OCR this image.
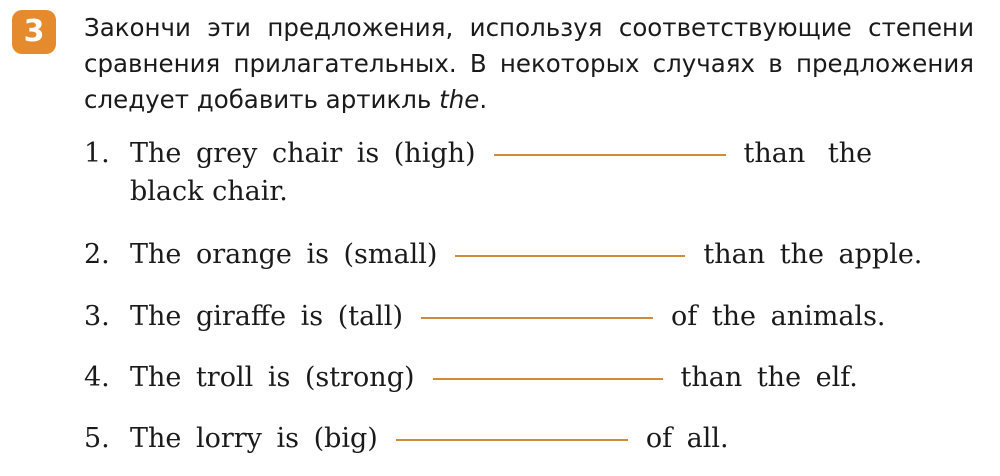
3	Закончи эти предложения, используя соответствующие степени сравнения прилагательных. В некоторых случаях в предложения следует добавить артикль the.
1. The grey chair is (high)	than the
black chair.
2. The orange is (small)	than the apple.
3. The giraffe is (tall)	of the animals.
4. The troll is (strong)	than the elf.
5. The lorry is (big)	of all.
